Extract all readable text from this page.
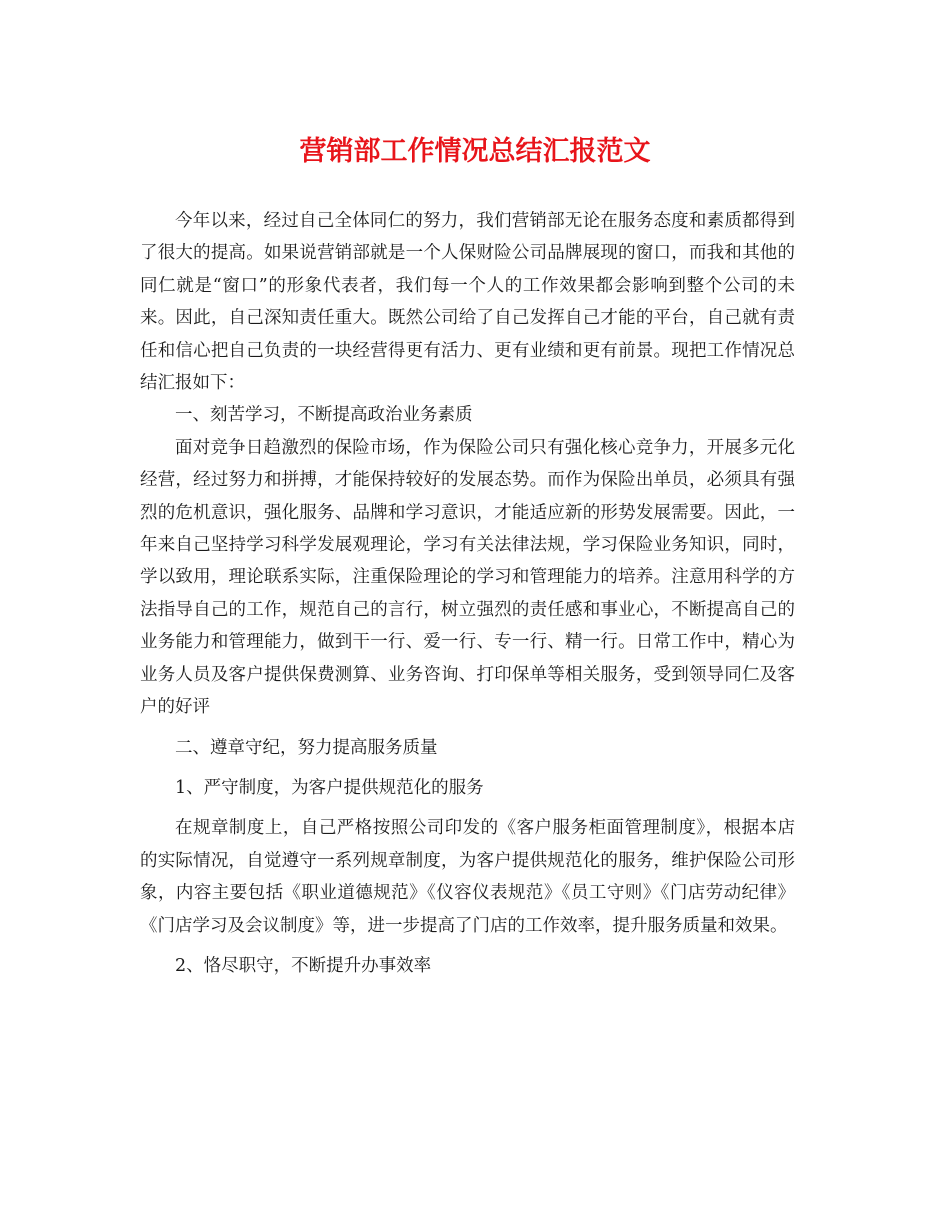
营销部工作情况总结汇报范文

今年以来，经过自己全体同仁的努力，我们营销部无论在服务态度和素质都得到了很大的提高。如果说营销部就是一个人保财险公司品牌展现的窗口，而我和其他的同仁就是“窗口”的形象代表者，我们每一个人的工作效果都会影响到整个公司的未来。因此，自己深知责任重大。既然公司给了自己发挥自己才能的平台，自己就有责任和信心把自己负责的一块经营得更有活力、更有业绩和更有前景。现把工作情况总结汇报如下：

一、刻苦学习，不断提高政治业务素质

面对竞争日趋激烈的保险市场，作为保险公司只有强化核心竞争力，开展多元化经营，经过努力和拼搏，才能保持较好的发展态势。而作为保险出单员，必须具有强烈的危机意识，强化服务、品牌和学习意识，才能适应新的形势发展需要。因此，一年来自己坚持学习科学发展观理论，学习有关法律法规，学习保险业务知识，同时，学以致用，理论联系实际，注重保险理论的学习和管理能力的培养。注意用科学的方法指导自己的工作，规范自己的言行，树立强烈的责任感和事业心，不断提高自己的业务能力和管理能力，做到干一行、爱一行、专一行、精一行。日常工作中，精心为业务人员及客户提供保费测算、业务咨询、打印保单等相关服务，受到领导同仁及客户的好评

二、遵章守纪，努力提高服务质量

1、严守制度，为客户提供规范化的服务

在规章制度上，自己严格按照公司印发的《客户服务柜面管理制度》，根据本店的实际情况，自觉遵守一系列规章制度，为客户提供规范化的服务，维护保险公司形象，内容主要包括《职业道德规范》《仪容仪表规范》《员工守则》《门店劳动纪律》《门店学习及会议制度》等，进一步提高了门店的工作效率，提升服务质量和效果。

2、恪尽职守，不断提升办事效率
